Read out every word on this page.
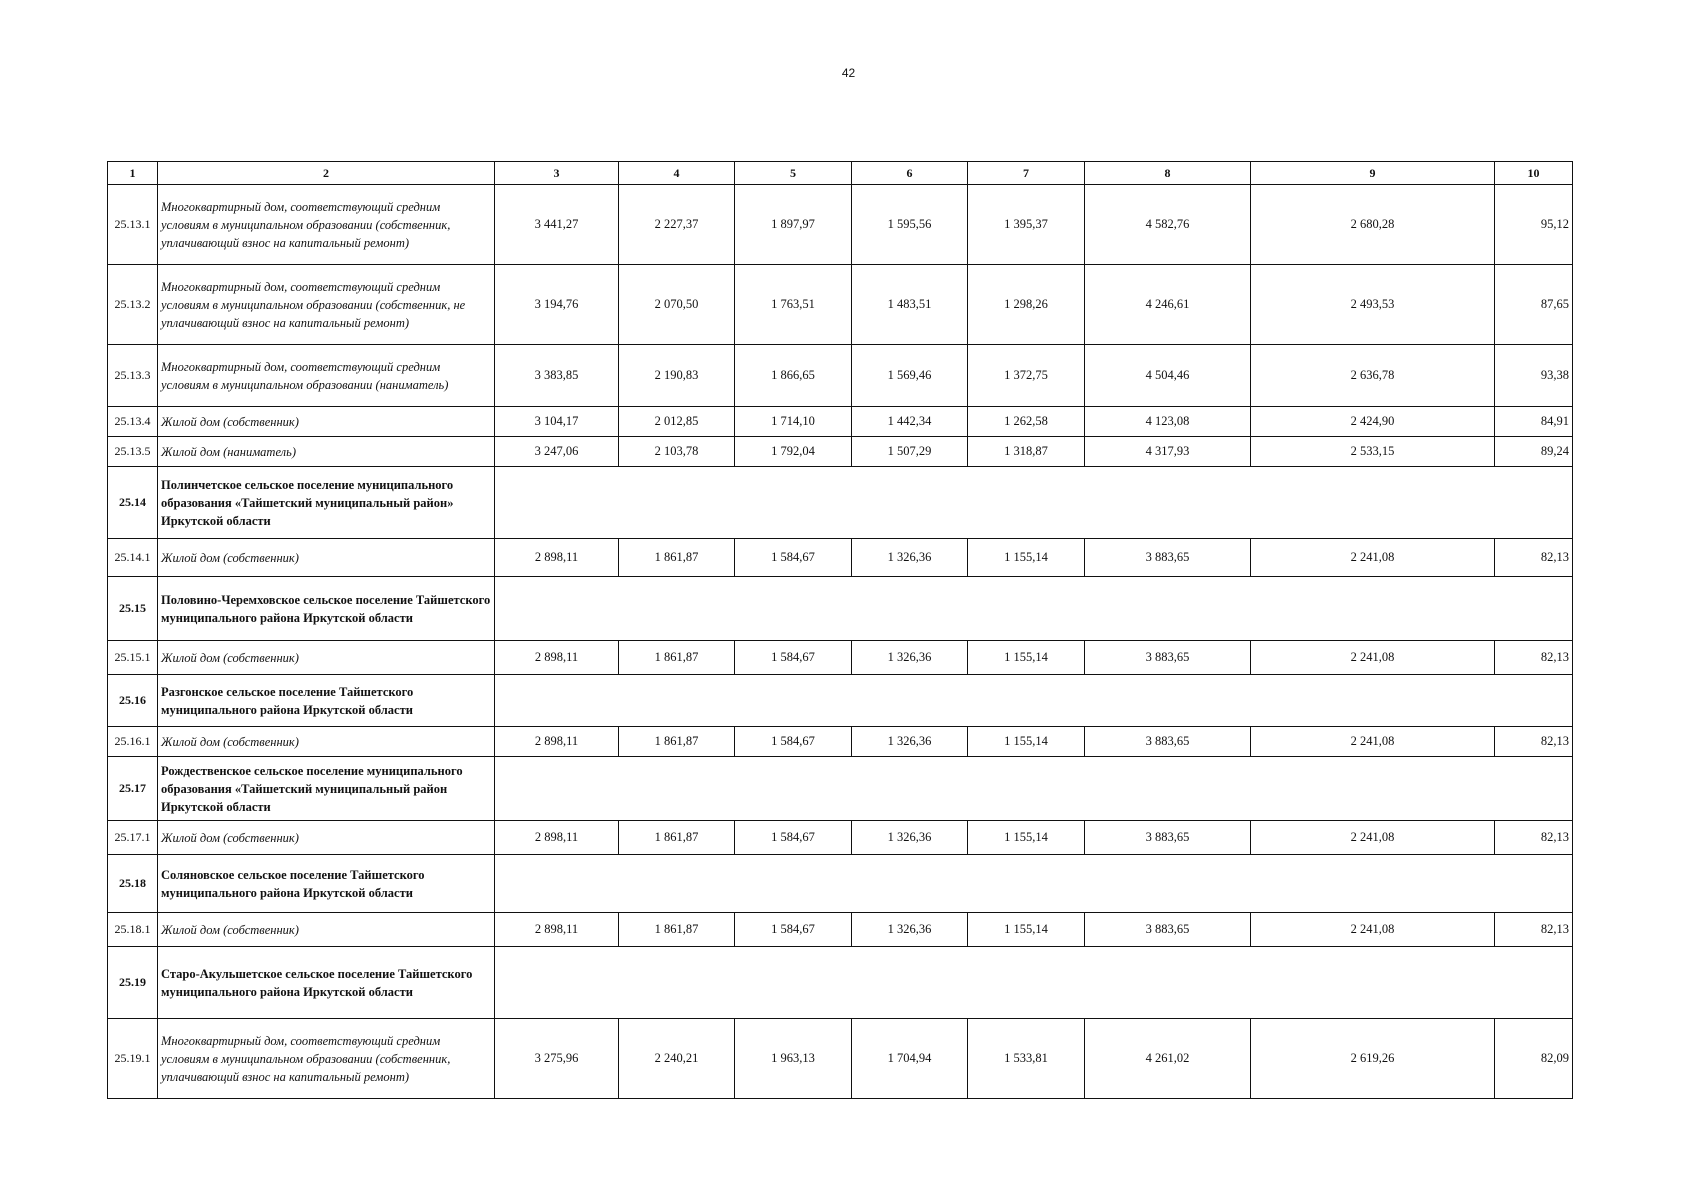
42
1	2	3	4	5	6	7	8	9	10
25.13.1	Многоквартирный дом, соответствующий средним условиям в муниципальном образовании (собственник, уплачивающий взнос на капитальный ремонт)	3 441,27	2 227,37	1 897,97	1 595,56	1 395,37	4 582,76	2 680,28	95,12
25.13.2	Многоквартирный дом, соответствующий средним условиям в муниципальном образовании (собственник, не уплачивающий взнос на капитальный ремонт)	3 194,76	2 070,50	1 763,51	1 483,51	1 298,26	4 246,61	2 493,53	87,65
25.13.3	Многоквартирный дом, соответствующий средним условиям в муниципальном образовании (наниматель)	3 383,85	2 190,83	1 866,65	1 569,46	1 372,75	4 504,46	2 636,78	93,38
25.13.4	Жилой дом (собственник)	3 104,17	2 012,85	1 714,10	1 442,34	1 262,58	4 123,08	2 424,90	84,91
25.13.5	Жилой дом (наниматель)	3 247,06	2 103,78	1 792,04	1 507,29	1 318,87	4 317,93	2 533,15	89,24
25.14	Полинчетское сельское поселение муниципального образования «Тайшетский муниципальный район» Иркутской области								
25.14.1	Жилой дом (собственник)	2 898,11	1 861,87	1 584,67	1 326,36	1 155,14	3 883,65	2 241,08	82,13
25.15	Половино-Черемховское сельское поселение Тайшетского муниципального района Иркутской области								
25.15.1	Жилой дом (собственник)	2 898,11	1 861,87	1 584,67	1 326,36	1 155,14	3 883,65	2 241,08	82,13
25.16	Разгонское сельское поселение Тайшетского муниципального района Иркутской области								
25.16.1	Жилой дом (собственник)	2 898,11	1 861,87	1 584,67	1 326,36	1 155,14	3 883,65	2 241,08	82,13
25.17	Рождественское сельское поселение муниципального образования «Тайшетский муниципальный район Иркутской области								
25.17.1	Жилой дом (собственник)	2 898,11	1 861,87	1 584,67	1 326,36	1 155,14	3 883,65	2 241,08	82,13
25.18	Соляновское сельское поселение Тайшетского муниципального района Иркутской области								
25.18.1	Жилой дом (собственник)	2 898,11	1 861,87	1 584,67	1 326,36	1 155,14	3 883,65	2 241,08	82,13
25.19	Старо-Акульшетское сельское поселение Тайшетского муниципального района Иркутской области								
25.19.1	Многоквартирный дом, соответствующий средним условиям в муниципальном образовании (собственник, уплачивающий взнос на капитальный ремонт)	3 275,96	2 240,21	1 963,13	1 704,94	1 533,81	4 261,02	2 619,26	82,09
